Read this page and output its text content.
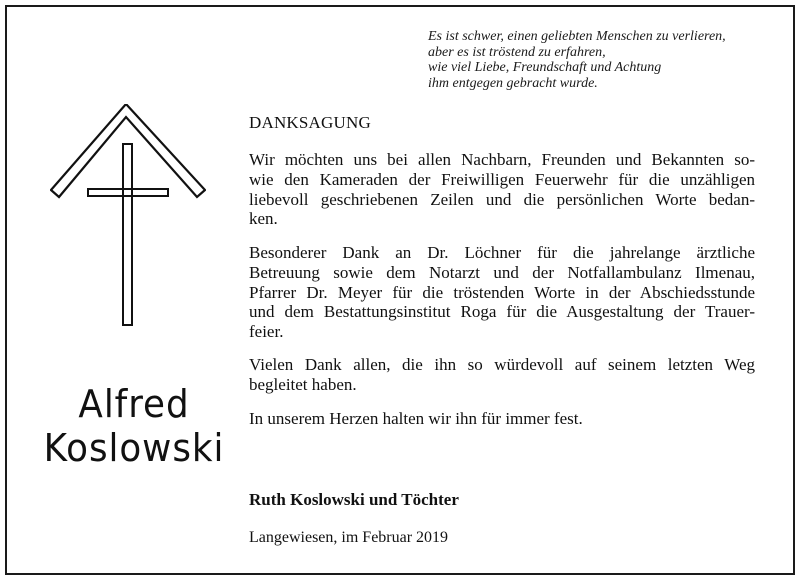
Es ist schwer, einen geliebten Menschen zu verlieren,
aber es ist tröstend zu erfahren,
wie viel Liebe, Freundschaft und Achtung
ihm entgegen gebracht wurde.

Alfred
Koslowski
DANKSAGUNG

Wir möchten uns bei allen Nachbarn, Freunden und Bekannten so-
wie den Kameraden der Freiwilligen Feuerwehr für die unzähligen
liebevoll geschriebenen Zeilen und die persönlichen Worte bedan-
ken.

Besonderer Dank an Dr. Löchner für die jahrelange ärztliche
Betreuung sowie dem Notarzt und der Notfallambulanz Ilmenau,
Pfarrer Dr. Meyer für die tröstenden Worte in der Abschiedsstunde
und dem Bestattungsinstitut Roga für die Ausgestaltung der Trauer-
feier.

Vielen Dank allen, die ihn so würdevoll auf seinem letzten Weg
begleitet haben.

In unserem Herzen halten wir ihn für immer fest.

Ruth Koslowski und Töchter

Langewiesen, im Februar 2019
